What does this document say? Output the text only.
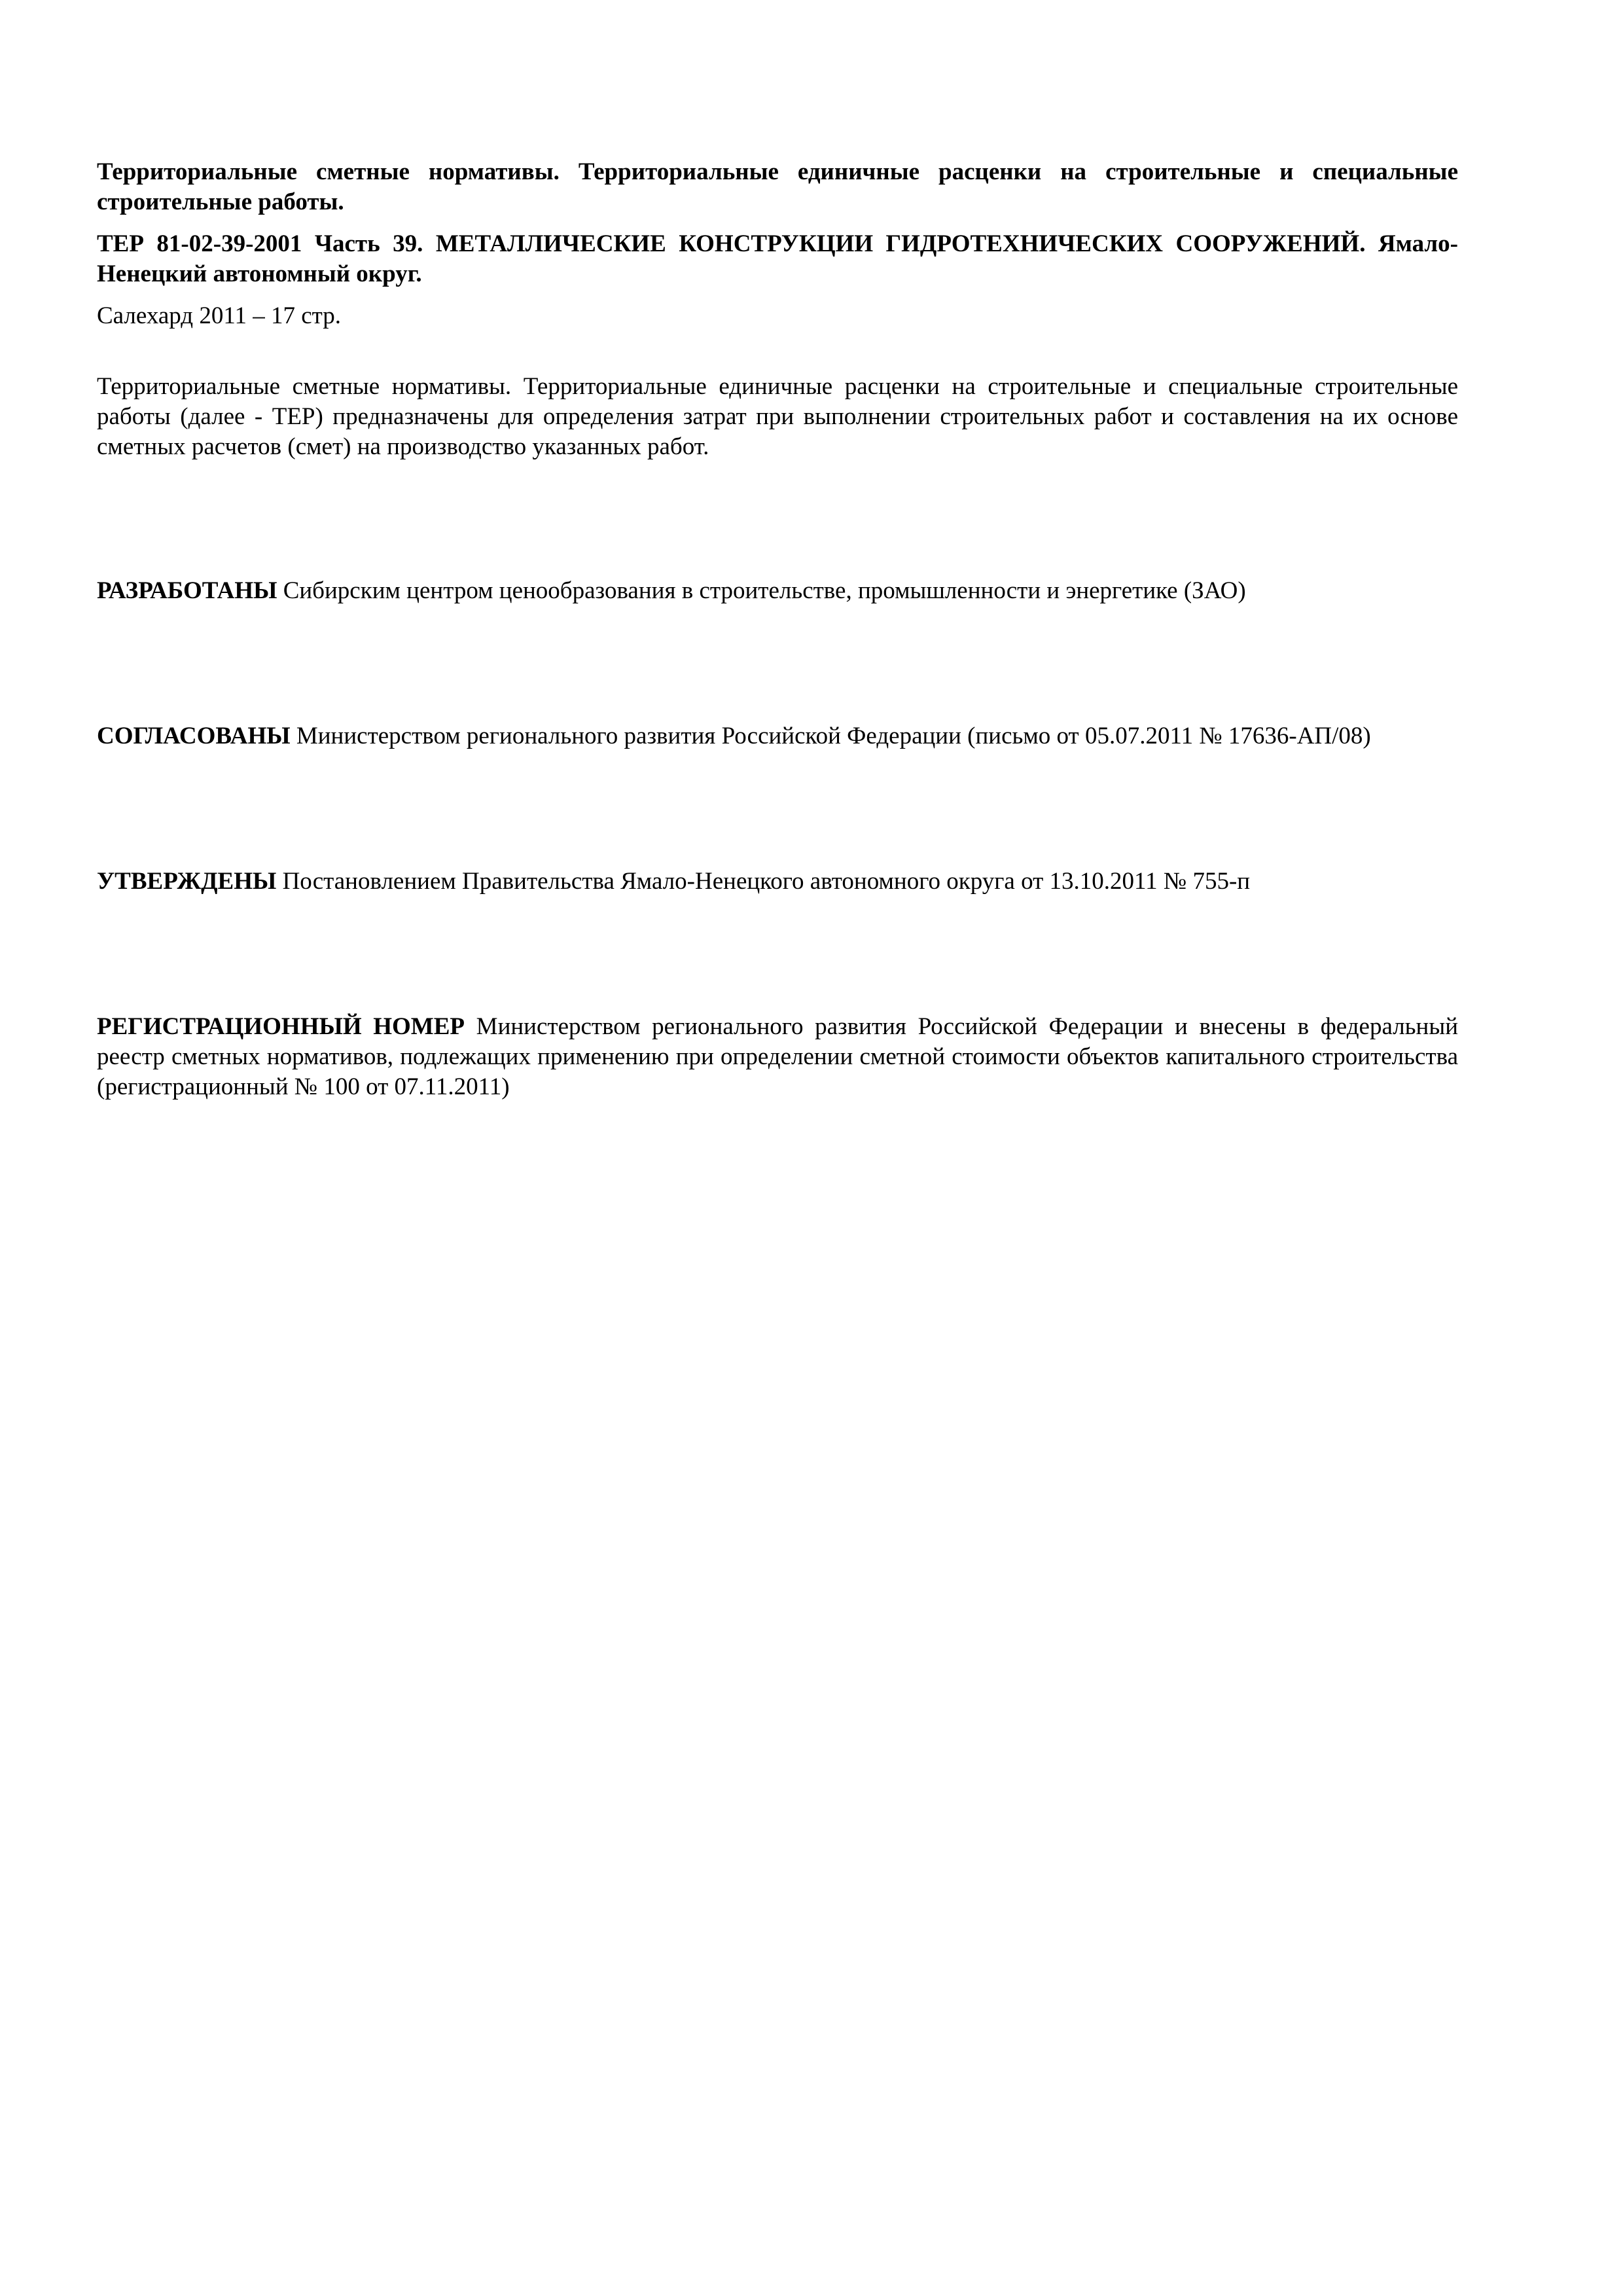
Территориальные сметные нормативы. Территориальные единичные расценки на строительные и специальные строительные работы.

ТЕР 81-02-39-2001 Часть 39. МЕТАЛЛИЧЕСКИЕ КОНСТРУКЦИИ ГИДРОТЕХНИЧЕСКИХ СООРУЖЕНИЙ. Ямало-Ненецкий автономный округ.

Салехард 2011 – 17 стр.

Территориальные сметные нормативы. Территориальные единичные расценки на строительные и специальные строительные работы (далее - ТЕР) предназначены для определения затрат при выполнении строительных работ и составления на их основе сметных расчетов (смет) на производство указанных работ.

РАЗРАБОТАНЫ Сибирским центром ценообразования в строительстве, промышленности и энергетике (ЗАО)

СОГЛАСОВАНЫ Министерством регионального развития Российской Федерации (письмо от 05.07.2011 № 17636-АП/08)

УТВЕРЖДЕНЫ Постановлением Правительства Ямало-Ненецкого автономного округа от 13.10.2011 № 755-п

РЕГИСТРАЦИОННЫЙ НОМЕР Министерством регионального развития Российской Федерации и внесены в федеральный реестр сметных нормативов, подлежащих применению при определении сметной стоимости объектов капитального строительства (регистрационный № 100 от 07.11.2011)
